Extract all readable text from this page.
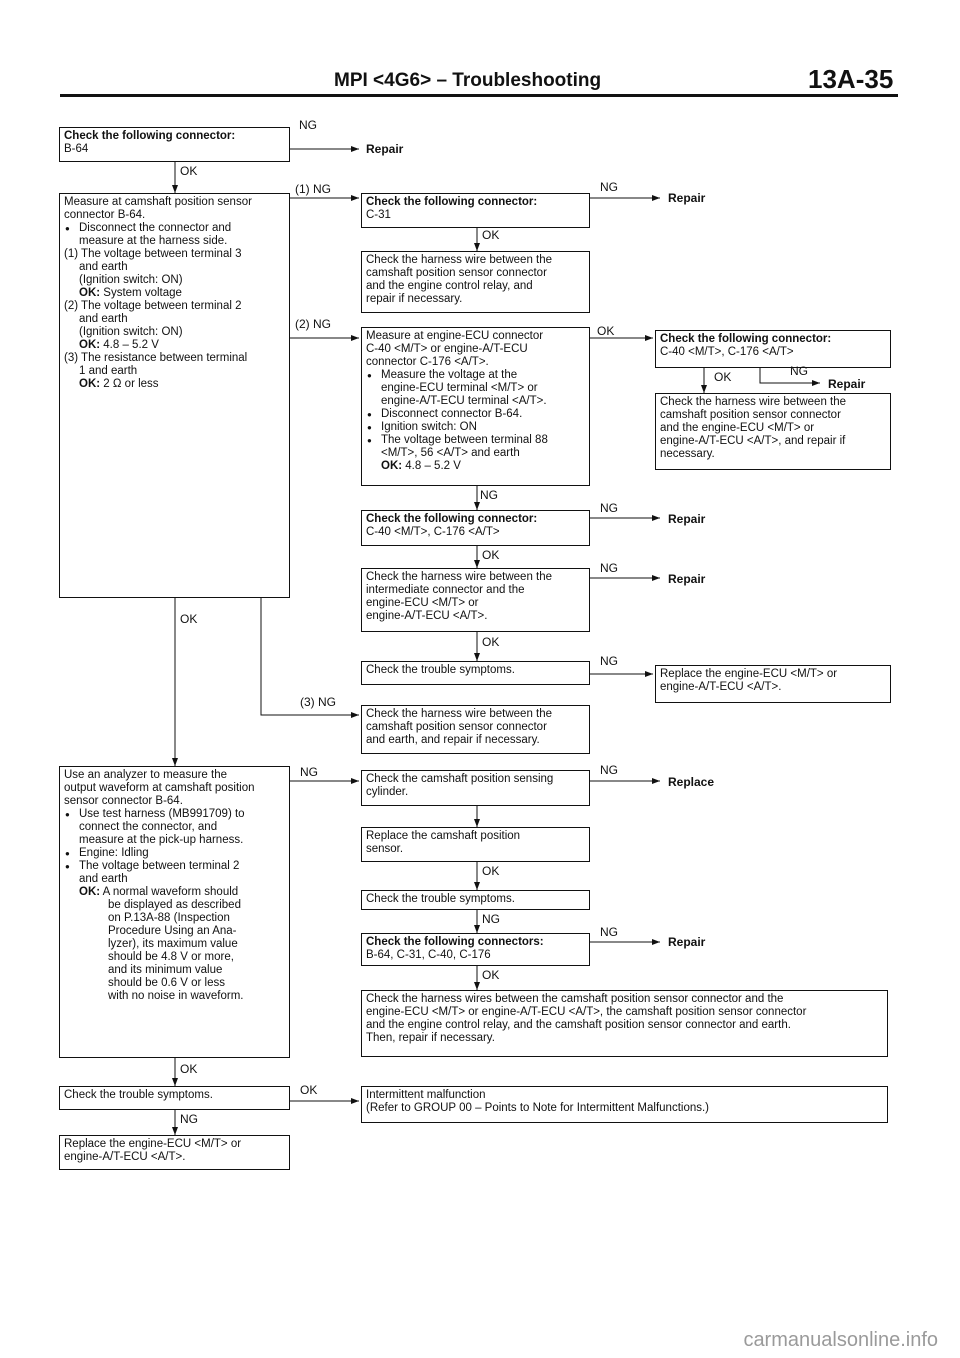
MPI <4G6> – Troubleshooting	13A-35
Check the following connector:
B-64
Measure at camshaft position sensor
connector B-64.
● Disconnect the connector and
measure at the harness side.
(1) The voltage between terminal 3
and earth
(Ignition switch: ON)
OK: System voltage
(2) The voltage between terminal 2
and earth
(Ignition switch: ON)
OK: 4.8 – 5.2 V
(3) The resistance between terminal
1 and earth
OK: 2 Ω or less
Use an analyzer to measure the
output waveform at camshaft position
sensor connector B-64.
● Use test harness (MB991709) to
connect the connector, and
measure at the pick-up harness.
● Engine: Idling
● The voltage between terminal 2
and earth
OK: A normal waveform should
be displayed as described
on P.13A-88 (Inspection
Procedure Using an Ana-
lyzer), its maximum value
should be 4.8 V or more,
and its minimum value
should be 0.6 V or less
with no noise in waveform.
Check the trouble symptoms.
Replace the engine-ECU <M/T> or
engine-A/T-ECU <A/T>.
Check the following connector:
C-31
Check the harness wire between the
camshaft position sensor connector
and the engine control relay, and
repair if necessary.
Measure at engine-ECU connector
C-40 <M/T> or engine-A/T-ECU
connector C-176 <A/T>.
● Measure the voltage at the
engine-ECU terminal <M/T> or
engine-A/T-ECU terminal <A/T>.
● Disconnect connector B-64.
● Ignition switch: ON
● The voltage between terminal 88
<M/T>, 56 <A/T> and earth
OK: 4.8 – 5.2 V
Check the following connector:
C-40 <M/T>, C-176 <A/T>
Check the harness wire between the
intermediate connector and the
engine-ECU <M/T> or
engine-A/T-ECU <A/T>.
Check the trouble symptoms.
Check the harness wire between the
camshaft position sensor connector
and earth, and repair if necessary.
Check the camshaft position sensing
cylinder.
Replace the camshaft position
sensor.
Check the trouble symptoms.
Check the following connectors:
B-64, C-31, C-40, C-176
Check the harness wires between the camshaft position sensor connector and the
engine-ECU <M/T> or engine-A/T-ECU <A/T>, the camshaft position sensor connector
and the engine control relay, and the camshaft position sensor connector and earth.
Then, repair if necessary.
Intermittent malfunction
(Refer to GROUP 00 – Points to Note for Intermittent Malfunctions.)
Check the following connector:
C-40 <M/T>, C-176 <A/T>
Check the harness wire between the
camshaft position sensor connector
and the engine-ECU <M/T> or
engine-A/T-ECU <A/T>, and repair if
necessary.
Replace the engine-ECU <M/T> or
engine-A/T-ECU <A/T>.
NG
OK
(1) NG	NG
OK
(2) NG	OK
OK	NG
NG
NG
OK
NG
OK
OK
NG
(3) NG
NG	NG
OK
NG
NG
OK
OK
OK
NG
Repair
Repair
Repair
Repair
Repair
Replace
Repair
carmanualsonline.info
